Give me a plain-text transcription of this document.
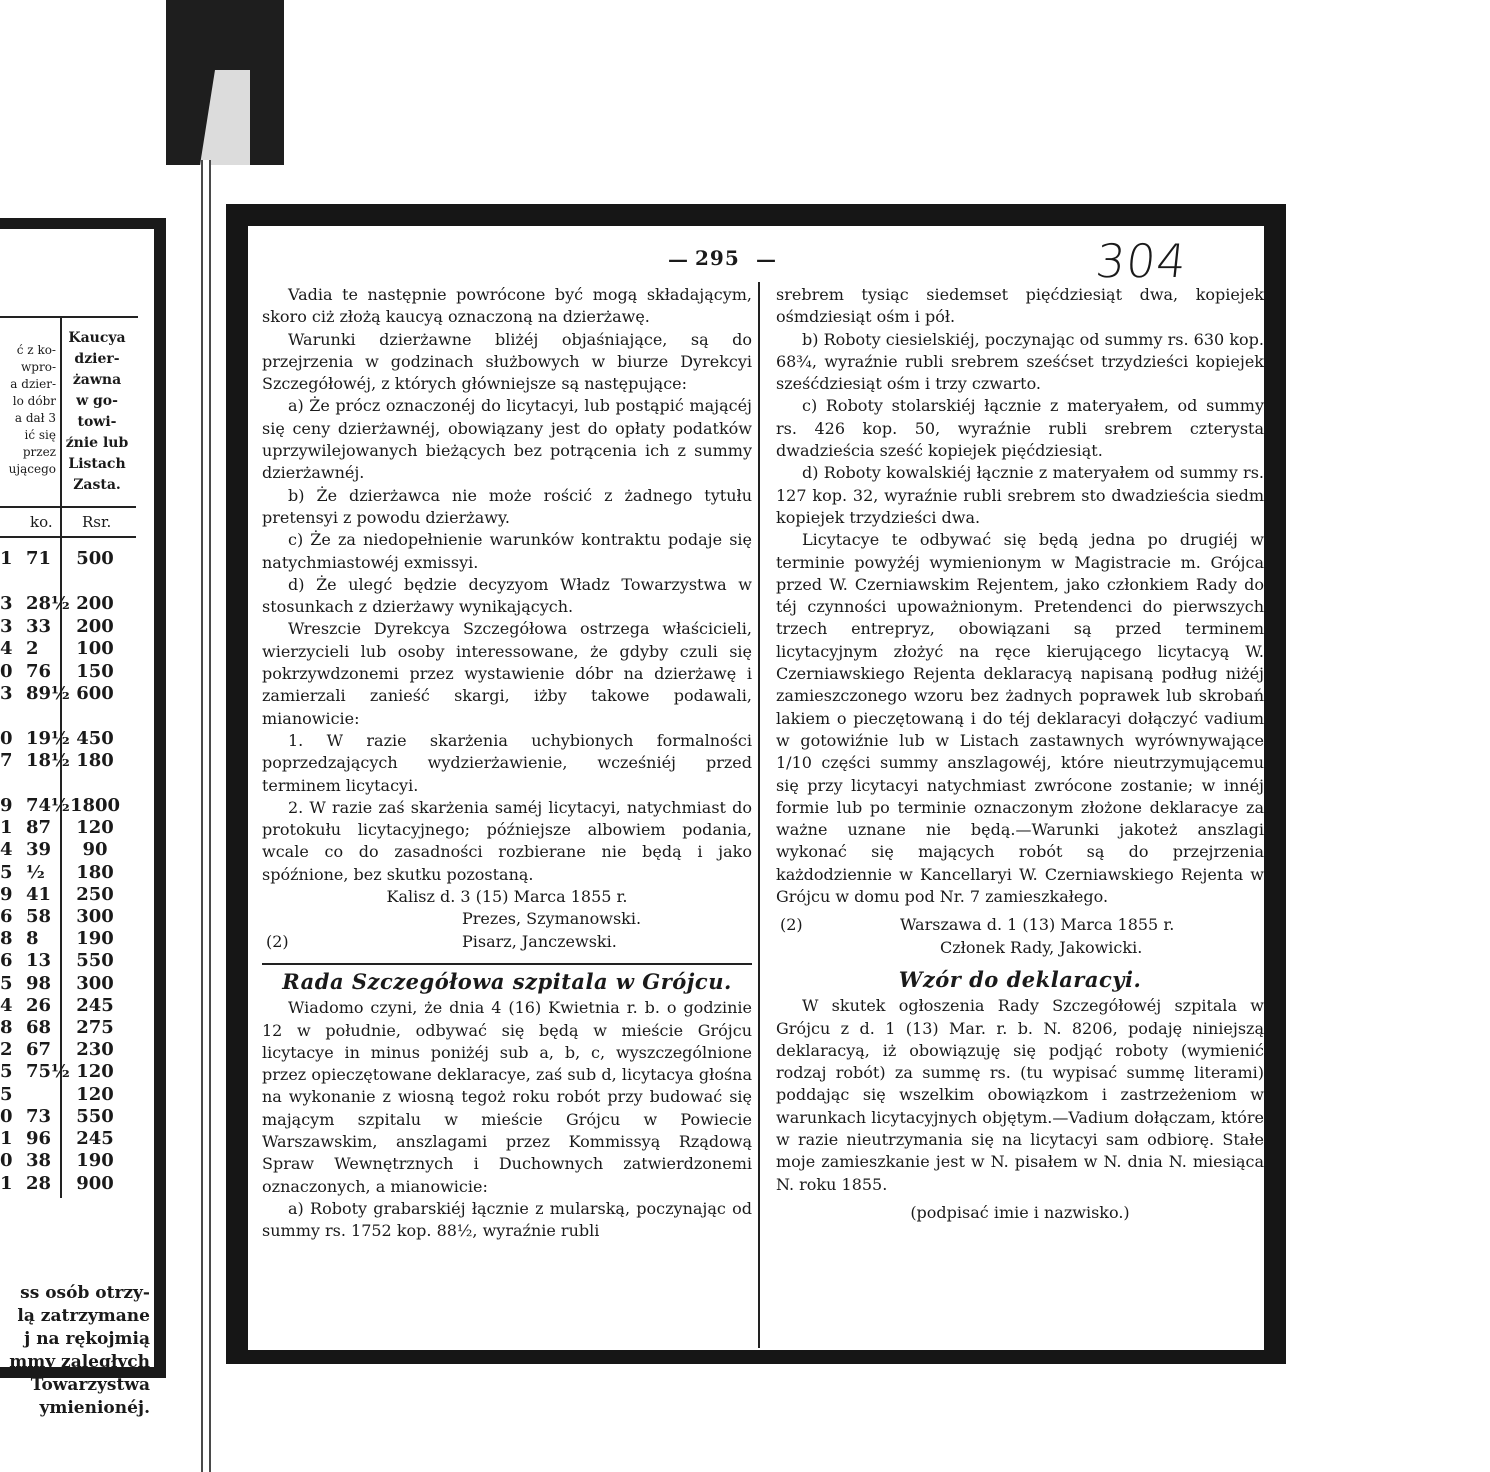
ć z ko-
wpro-
a dzier-
lo dóbr
a dał 3
ić się
przez
ującego
Kaucya
dzier-
żawna
w go-
towi-
źnie lub
Listach
Zasta.
ko. Rsr.
1 71	500
3 28½ 200
3 33	200
4 2	100
0 76	150
3 89½ 600
0 19½ 450
7 18½ 180
9 74½ 1800
1 87	120
4 39	90
5 ½	180
9 41	250
6 58	300
8 8	190
6 13	550
5 98	300
4 26	245
8 68	275
2 67	230
5 75½ 120
5	120
0 73	550
1 96	245
0 38	190
1 28	900
ss osób otrzy-
lą zatrzymane
j na rękojmią
mmy zaległych
Towarzystwa
ymienionéj.
— 295 —	304

Vadia te następnie powrócone być mogą składającym, skoro ciż złożą kaucyą oznaczoną na dzierżawę.

Warunki dzierżawne bliżéj objaśniające, są do przejrzenia w godzinach służbowych w biurze Dyrekcyi Szczegółowéj, z których główniejsze są następujące:

a) Że prócz oznaczonéj do licytacyi, lub postąpić mającéj się ceny dzierżawnéj, obowiązany jest do opłaty podatków uprzywilejowanych bieżących bez potrącenia ich z summy dzierżawnéj.

b) Że dzierżawca nie może rościć z żadnego tytułu pretensyi z powodu dzierżawy.

c) Że za niedopełnienie warunków kontraktu podaje się natychmiastowéj exmissyi.

d) Że ulegć będzie decyzyom Władz Towarzystwa w stosunkach z dzierżawy wynikających.

Wreszcie Dyrekcya Szczegółowa ostrzega właścicieli, wierzycieli lub osoby interessowane, że gdyby czuli się pokrzywdzonemi przez wystawienie dóbr na dzierżawę i zamierzali zanieść skargi, iżby takowe podawali, mianowicie:

1. W razie skarżenia uchybionych formalności poprzedzających wydzierżawienie, wcześniéj przed terminem licytacyi.

2. W razie zaś skarżenia saméj licytacyi, natychmiast do protokułu licytacyjnego; późniejsze albowiem podania, wcale co do zasadności rozbierane nie będą i jako spóźnione, bez skutku pozostaną.

Kalisz d. 3 (15) Marca 1855 r.

Prezes, Szymanowski.
(2)	Pisarz, Janczewski.
Rada Szczegółowa szpitala w Grójcu.

Wiadomo czyni, że dnia 4 (16) Kwietnia r. b. o godzinie 12 w południe, odbywać się będą w mieście Grójcu licytacye in minus poniżéj sub a, b, c, wyszczególnione przez opieczętowane deklaracye, zaś sub d, licytacya głośna na wykonanie z wiosną tegoż roku robót przy budować się mającym szpitalu w mieście Grójcu w Powiecie Warszawskim, anszlagami przez Kommissyą Rządową Spraw Wewnętrznych i Duchownych zatwierdzonemi oznaczonych, a mianowicie:

a) Roboty grabarskiéj łącznie z mularską, poczynając od summy rs. 1752 kop. 88½, wyraźnie rubli

srebrem tysiąc siedemset pięćdziesiąt dwa, kopiejek ośmdziesiąt ośm i pół.

b) Roboty ciesielskiéj, poczynając od summy rs. 630 kop. 68¾, wyraźnie rubli srebrem sześćset trzydzieści kopiejek sześćdziesiąt ośm i trzy czwarto.

c) Roboty stolarskiéj łącznie z materyałem, od summy rs. 426 kop. 50, wyraźnie rubli srebrem czterysta dwadzieścia sześć kopiejek pięćdziesiąt.

d) Roboty kowalskiéj łącznie z materyałem od summy rs. 127 kop. 32, wyraźnie rubli srebrem sto dwadzieścia siedm kopiejek trzydzieści dwa.

Licytacye te odbywać się będą jedna po drugiéj w terminie powyżéj wymienionym w Magistracie m. Grójca przed W. Czerniawskim Rejentem, jako członkiem Rady do téj czynności upoważnionym. Pretendenci do pierwszych trzech entrepryz, obowiązani są przed terminem licytacyjnym złożyć na ręce kierującego licytacyą W. Czerniawskiego Rejenta deklaracyą napisaną podług niżéj zamieszczonego wzoru bez żadnych poprawek lub skrobań lakiem o pieczętowaną i do téj deklaracyi dołączyć vadium w gotowiźnie lub w Listach zastawnych wyrównywające 1/10 części summy anszlagowéj, które nieutrzymującemu się przy licytacyi natychmiast zwrócone zostanie; w innéj formie lub po terminie oznaczonym złożone deklaracye za ważne uznane nie będą.—Warunki jakoteż anszlagi wykonać się mających robót są do przejrzenia każdodziennie w Kancellaryi W. Czerniawskiego Rejenta w Grójcu w domu pod Nr. 7 zamieszkałego.

(2)	Warszawa d. 1 (13) Marca 1855 r.
Członek Rady, Jakowicki.
Wzór do deklaracyi.

W skutek ogłoszenia Rady Szczegółowéj szpitala w Grójcu z d. 1 (13) Mar. r. b. N. 8206, podaję niniejszą deklaracyą, iż obowiązuję się podjąć roboty (wymienić rodzaj robót) za summę rs. (tu wypisać summę literami) poddając się wszelkim obowiązkom i zastrzeżeniom w warunkach licytacyjnych objętym.—Vadium dołączam, które w razie nieutrzymania się na licytacyi sam odbiorę. Stałe moje zamieszkanie jest w N. pisałem w N. dnia N. miesiąca N. roku 1855.

(podpisać imie i nazwisko.)
